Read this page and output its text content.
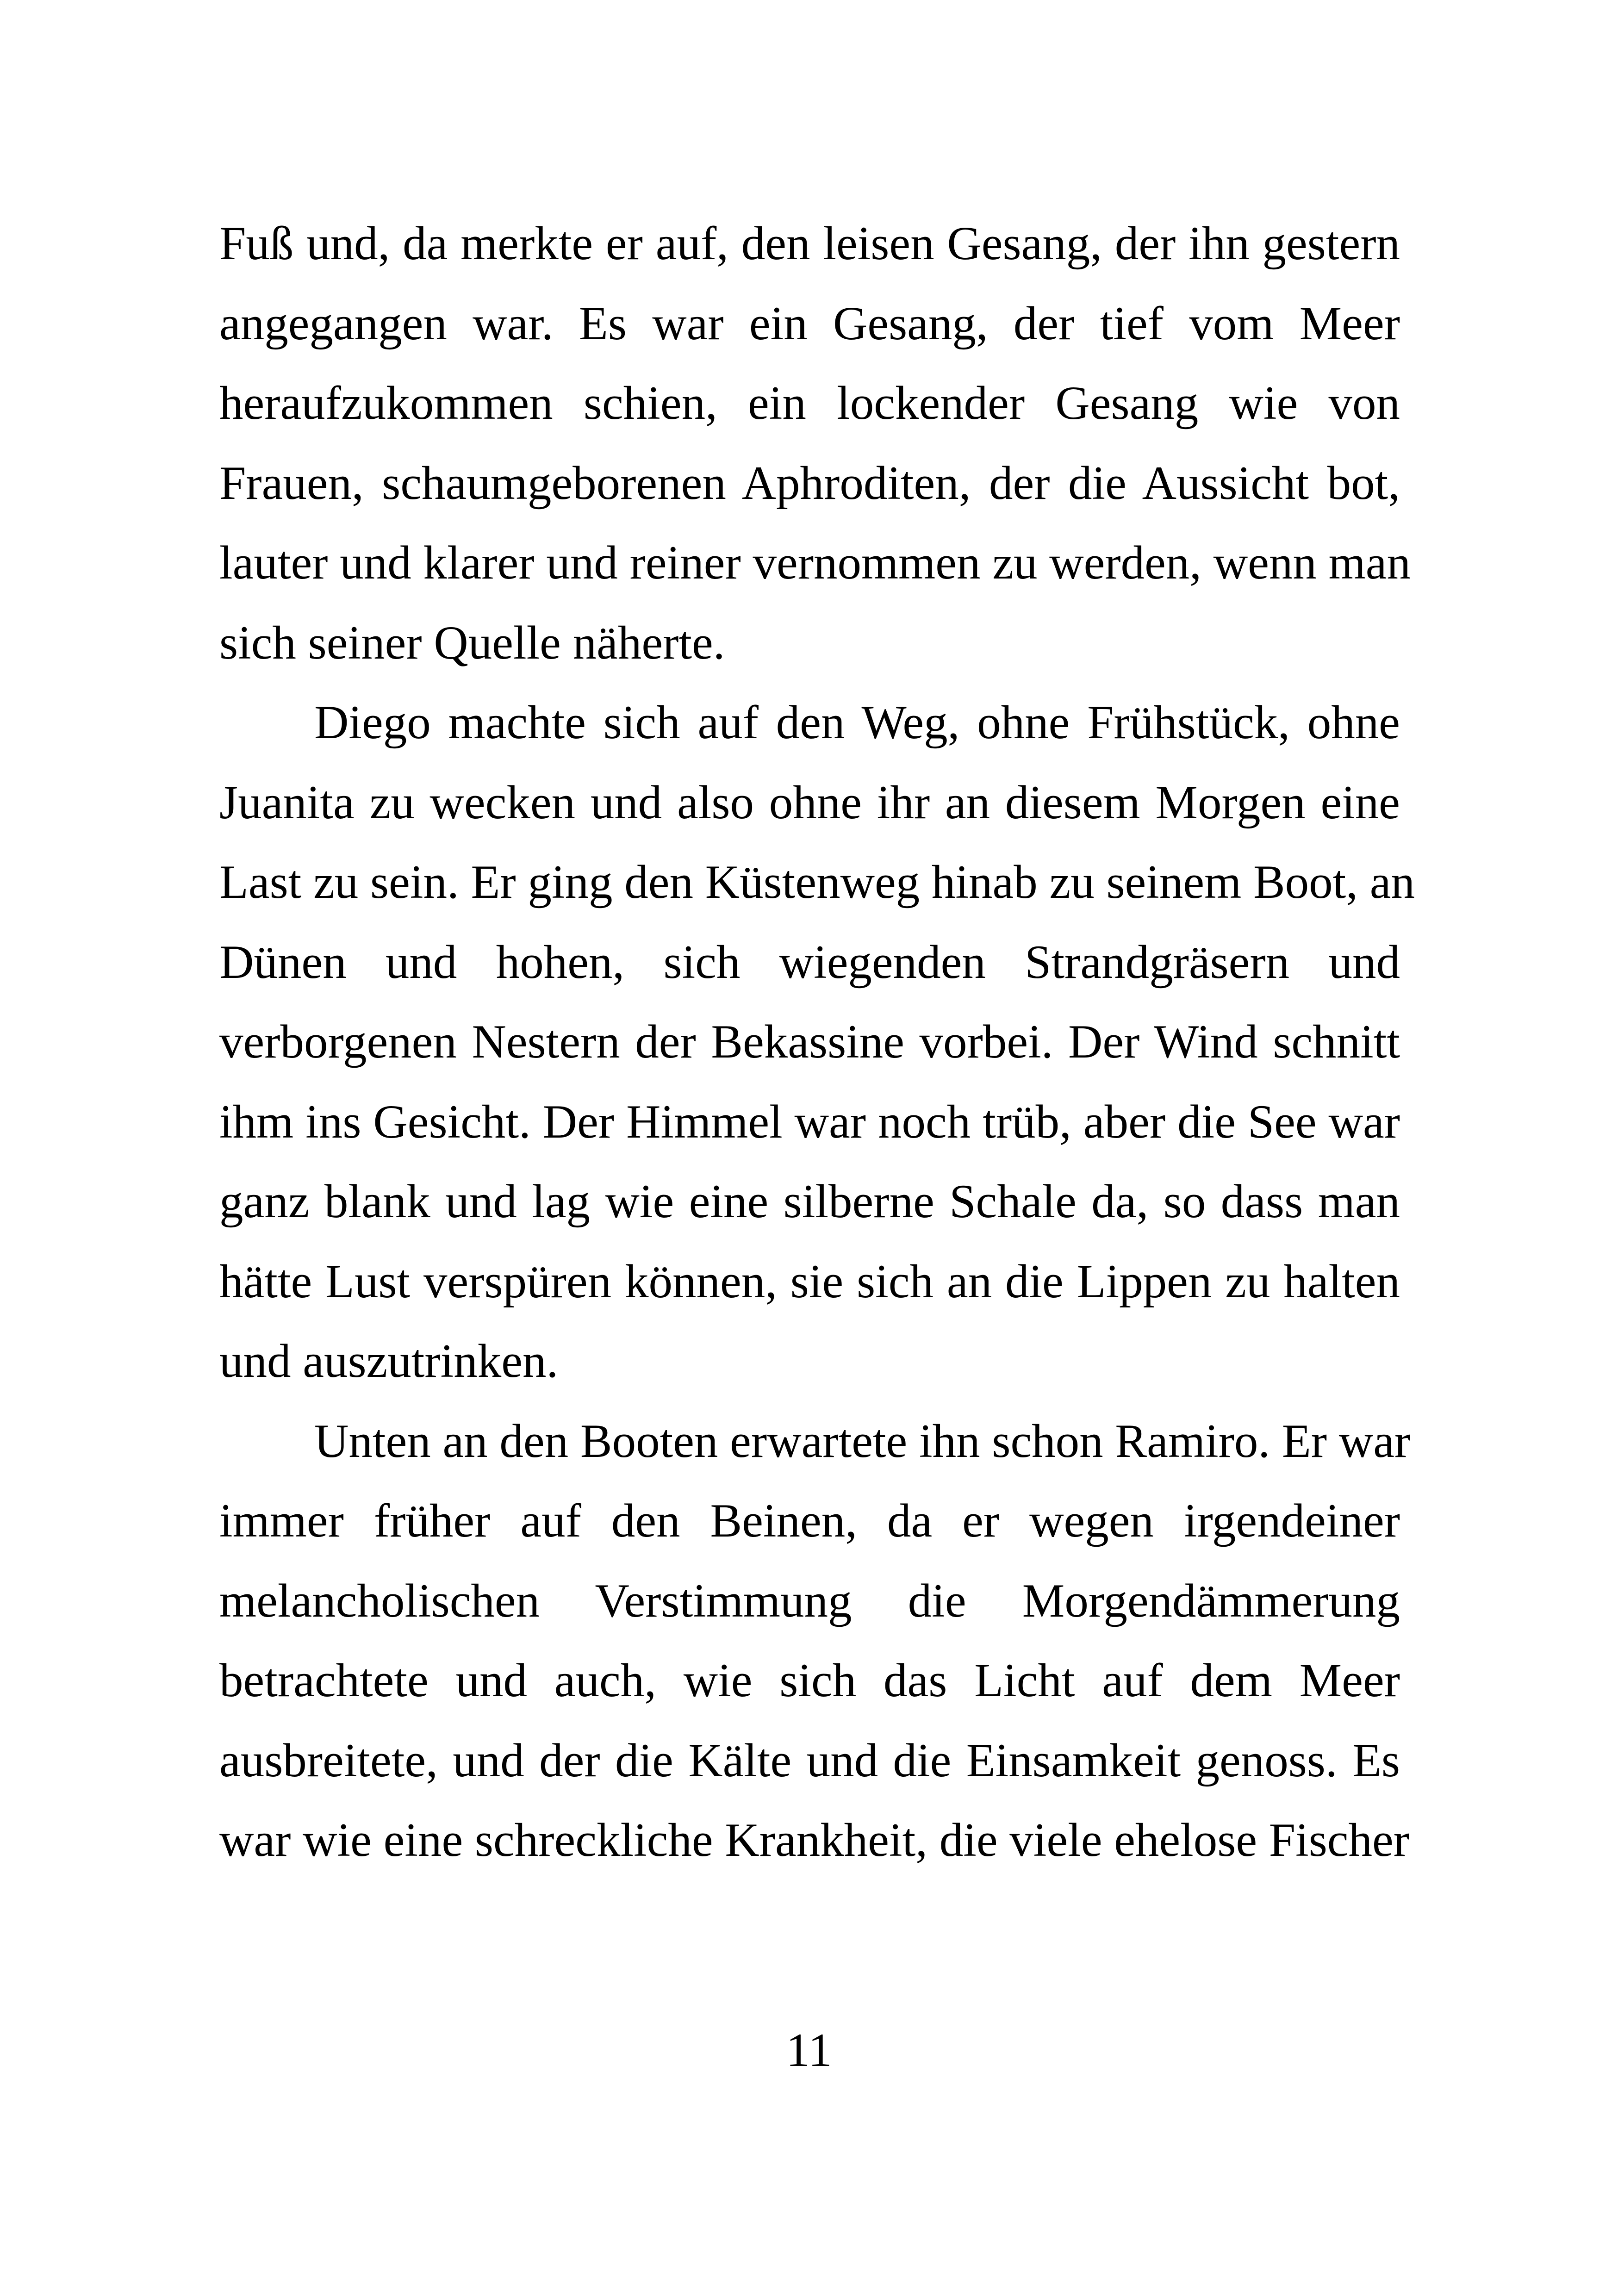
Fuß und, da merkte er auf, den leisen Gesang, der ihn gestern
angegangen war. Es war ein Gesang, der tief vom Meer
heraufzukommen schien, ein lockender Gesang wie von
Frauen, schaumgeborenen Aphroditen, der die Aussicht bot,
lauter und klarer und reiner vernommen zu werden, wenn man
sich seiner Quelle näherte.
Diego machte sich auf den Weg, ohne Frühstück, ohne
Juanita zu wecken und also ohne ihr an diesem Morgen eine
Last zu sein. Er ging den Küstenweg hinab zu seinem Boot, an
Dünen und hohen, sich wiegenden Strandgräsern und
verborgenen Nestern der Bekassine vorbei. Der Wind schnitt
ihm ins Gesicht. Der Himmel war noch trüb, aber die See war
ganz blank und lag wie eine silberne Schale da, so dass man
hätte Lust verspüren können, sie sich an die Lippen zu halten
und auszutrinken.
Unten an den Booten erwartete ihn schon Ramiro. Er war
immer früher auf den Beinen, da er wegen irgendeiner
melancholischen Verstimmung die Morgendämmerung
betrachtete und auch, wie sich das Licht auf dem Meer
ausbreitete, und der die Kälte und die Einsamkeit genoss. Es
war wie eine schreckliche Krankheit, die viele ehelose Fischer
11
